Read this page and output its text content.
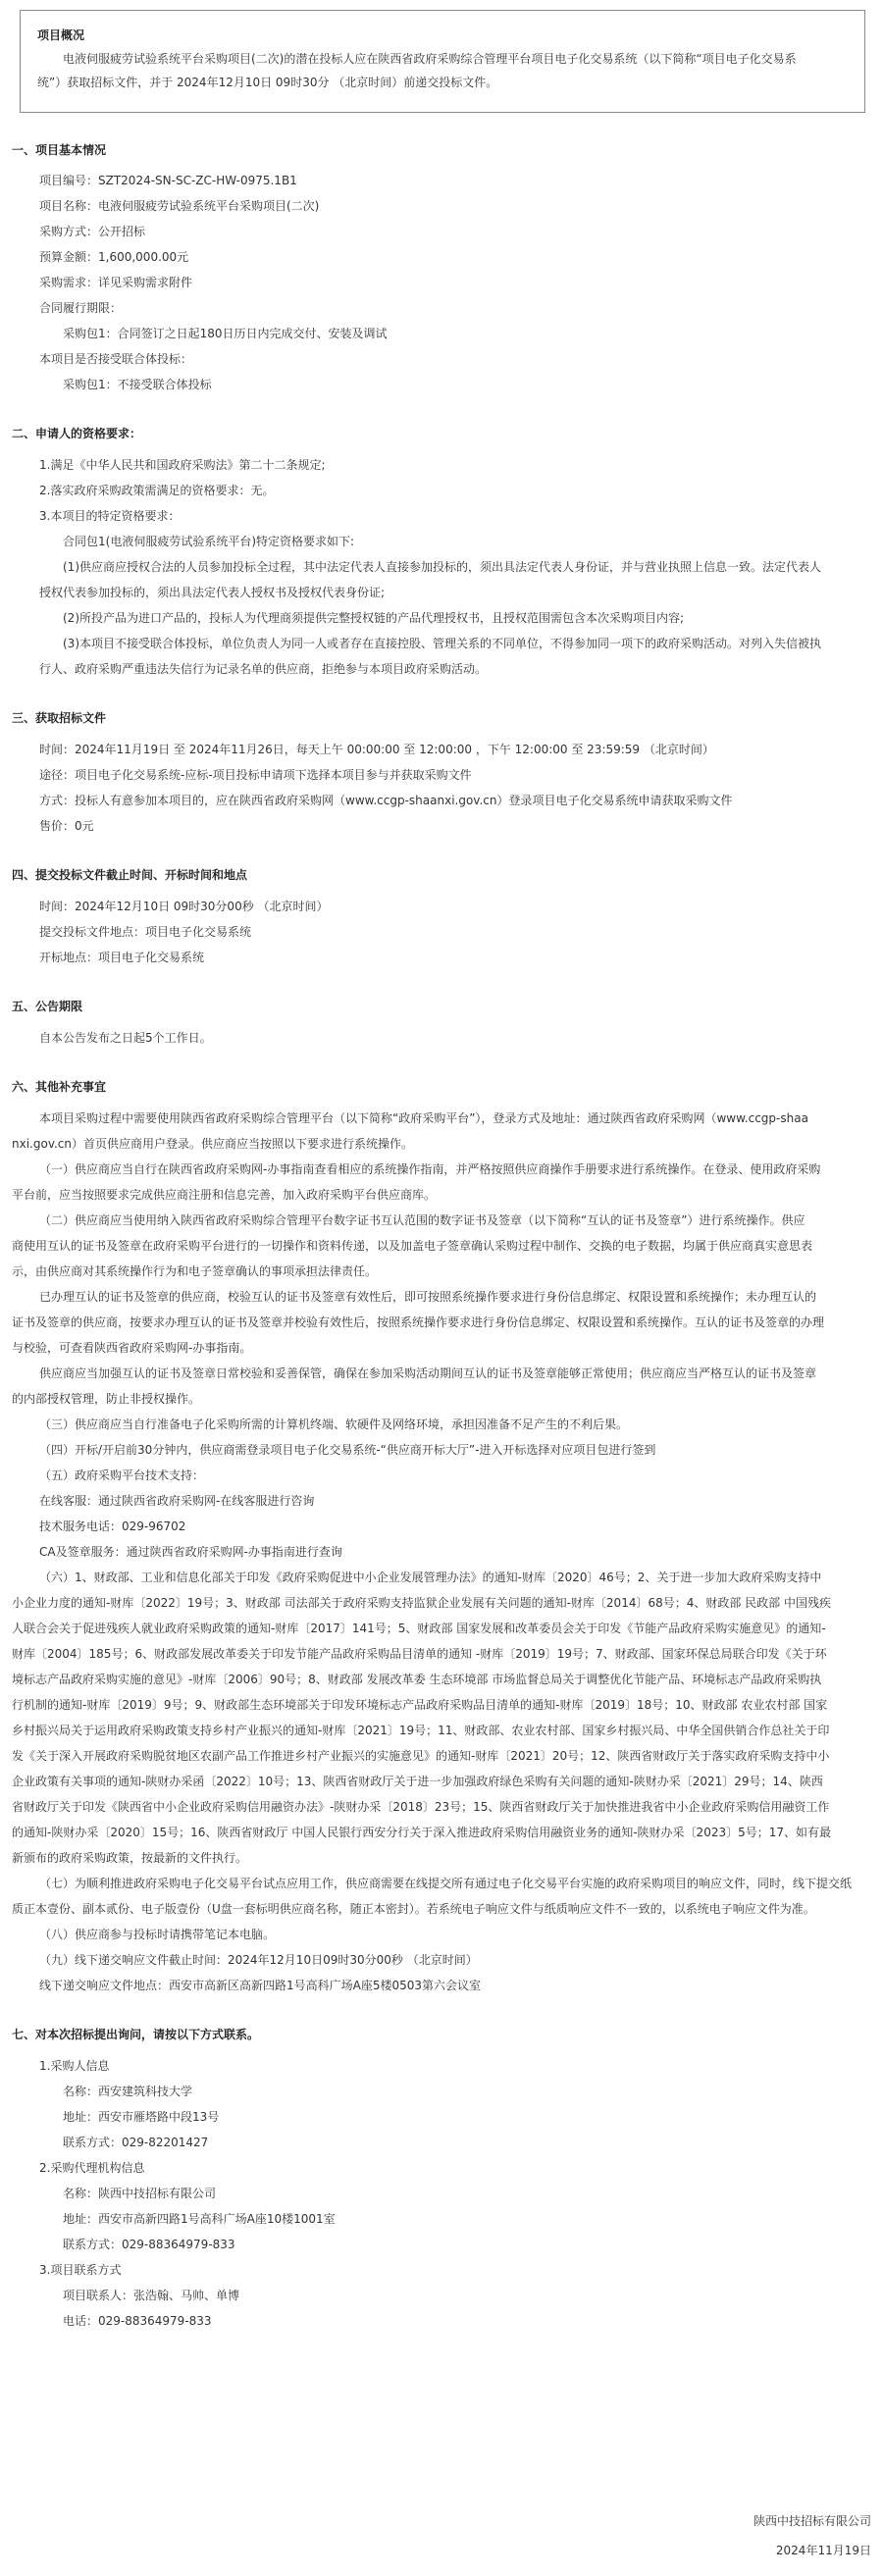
项目概况
电液伺服疲劳试验系统平台采购项目(二次)的潜在投标人应在陕西省政府采购综合管理平台项目电子化交易系统（以下简称“项目电子化交易系
统”）获取招标文件，并于 2024年12月10日 09时30分 （北京时间）前递交投标文件。
一、项目基本情况
项目编号：SZT2024-SN-SC-ZC-HW-0975.1B1
项目名称：电液伺服疲劳试验系统平台采购项目(二次)
采购方式：公开招标
预算金额：1,600,000.00元
采购需求：详见采购需求附件
合同履行期限：
采购包1：合同签订之日起180日历日内完成交付、安装及调试
本项目是否接受联合体投标：
采购包1：不接受联合体投标
二、申请人的资格要求：
1.满足《中华人民共和国政府采购法》第二十二条规定;
2.落实政府采购政策需满足的资格要求：无。
3.本项目的特定资格要求：
合同包1(电液伺服疲劳试验系统平台)特定资格要求如下:
(1)供应商应授权合法的人员参加投标全过程，其中法定代表人直接参加投标的，须出具法定代表人身份证，并与营业执照上信息一致。法定代表人
授权代表参加投标的，须出具法定代表人授权书及授权代表身份证;
(2)所投产品为进口产品的，投标人为代理商须提供完整授权链的产品代理授权书，且授权范围需包含本次采购项目内容;
(3)本项目不接受联合体投标，单位负责人为同一人或者存在直接控股、管理关系的不同单位，不得参加同一项下的政府采购活动。对列入失信被执
行人、政府采购严重违法失信行为记录名单的供应商，拒绝参与本项目政府采购活动。
三、获取招标文件
时间：2024年11月19日 至 2024年11月26日，每天上午 00:00:00 至 12:00:00 ，下午 12:00:00 至 23:59:59 （北京时间）
途径：项目电子化交易系统-应标-项目投标申请项下选择本项目参与并获取采购文件
方式：投标人有意参加本项目的，应在陕西省政府采购网（www.ccgp-shaanxi.gov.cn）登录项目电子化交易系统申请获取采购文件
售价：0元
四、提交投标文件截止时间、开标时间和地点
时间：2024年12月10日 09时30分00秒 （北京时间）
提交投标文件地点：项目电子化交易系统
开标地点：项目电子化交易系统
五、公告期限
自本公告发布之日起5个工作日。
六、其他补充事宜
本项目采购过程中需要使用陕西省政府采购综合管理平台（以下简称“政府采购平台”），登录方式及地址：通过陕西省政府采购网（www.ccgp-shaa
nxi.gov.cn）首页供应商用户登录。供应商应当按照以下要求进行系统操作。
（一）供应商应当自行在陕西省政府采购网-办事指南查看相应的系统操作指南，并严格按照供应商操作手册要求进行系统操作。在登录、使用政府采购
平台前，应当按照要求完成供应商注册和信息完善，加入政府采购平台供应商库。
（二）供应商应当使用纳入陕西省政府采购综合管理平台数字证书互认范围的数字证书及签章（以下简称“互认的证书及签章”）进行系统操作。供应
商使用互认的证书及签章在政府采购平台进行的一切操作和资料传递，以及加盖电子签章确认采购过程中制作、交换的电子数据，均属于供应商真实意思表
示，由供应商对其系统操作行为和电子签章确认的事项承担法律责任。
已办理互认的证书及签章的供应商，校验互认的证书及签章有效性后，即可按照系统操作要求进行身份信息绑定、权限设置和系统操作；未办理互认的
证书及签章的供应商，按要求办理互认的证书及签章并校验有效性后，按照系统操作要求进行身份信息绑定、权限设置和系统操作。互认的证书及签章的办理
与校验，可查看陕西省政府采购网-办事指南。
供应商应当加强互认的证书及签章日常校验和妥善保管，确保在参加采购活动期间互认的证书及签章能够正常使用；供应商应当严格互认的证书及签章
的内部授权管理，防止非授权操作。
（三）供应商应当自行准备电子化采购所需的计算机终端、软硬件及网络环境，承担因准备不足产生的不利后果。
（四）开标/开启前30分钟内，供应商需登录项目电子化交易系统-“供应商开标大厅”-进入开标选择对应项目包进行签到
（五）政府采购平台技术支持：
在线客服：通过陕西省政府采购网-在线客服进行咨询
技术服务电话：029-96702
CA及签章服务：通过陕西省政府采购网-办事指南进行查询
（六）1、财政部、工业和信息化部关于印发《政府采购促进中小企业发展管理办法》的通知-财库〔2020〕46号；2、关于进一步加大政府采购支持中
小企业力度的通知-财库〔2022〕19号；3、财政部 司法部关于政府采购支持监狱企业发展有关问题的通知-财库〔2014〕68号；4、财政部 民政部 中国残疾
人联合会关于促进残疾人就业政府采购政策的通知-财库〔2017〕141号；5、财政部 国家发展和改革委员会关于印发《节能产品政府采购实施意见》的通知-
财库〔2004〕185号；6、财政部发展改革委关于印发节能产品政府采购品目清单的通知 -财库〔2019〕19号；7、财政部、国家环保总局联合印发《关于环
境标志产品政府采购实施的意见》-财库〔2006〕90号；8、财政部 发展改革委 生态环境部 市场监督总局关于调整优化节能产品、环境标志产品政府采购执
行机制的通知-财库〔2019〕9号；9、财政部生态环境部关于印发环境标志产品政府采购品目清单的通知-财库〔2019〕18号；10、财政部 农业农村部 国家
乡村振兴局关于运用政府采购政策支持乡村产业振兴的通知-财库〔2021〕19号；11、财政部、农业农村部、国家乡村振兴局、中华全国供销合作总社关于印
发《关于深入开展政府采购脱贫地区农副产品工作推进乡村产业振兴的实施意见》的通知-财库〔2021〕20号；12、陕西省财政厅关于落实政府采购支持中小
企业政策有关事项的通知-陕财办采函〔2022〕10号；13、陕西省财政厅关于进一步加强政府绿色采购有关问题的通知-陕财办采〔2021〕29号；14、陕西
省财政厅关于印发《陕西省中小企业政府采购信用融资办法》-陕财办采〔2018〕23号；15、陕西省财政厅关于加快推进我省中小企业政府采购信用融资工作
的通知-陕财办采〔2020〕15号；16、陕西省财政厅 中国人民银行西安分行关于深入推进政府采购信用融资业务的通知-陕财办采〔2023〕5号；17、如有最
新颁布的政府采购政策，按最新的文件执行。
（七）为顺利推进政府采购电子化交易平台试点应用工作，供应商需要在线提交所有通过电子化交易平台实施的政府采购项目的响应文件，同时，线下提交纸
质正本壹份、副本贰份、电子版壹份（U盘一套标明供应商名称，随正本密封）。若系统电子响应文件与纸质响应文件不一致的，以系统电子响应文件为准。
（八）供应商参与投标时请携带笔记本电脑。
（九）线下递交响应文件截止时间：2024年12月10日09时30分00秒 （北京时间）
线下递交响应文件地点：西安市高新区高新四路1号高科广场A座5楼0503第六会议室
七、对本次招标提出询问，请按以下方式联系。
1.采购人信息
名称：西安建筑科技大学
地址：西安市雁塔路中段13号
联系方式：029-82201427
2.采购代理机构信息
名称：陕西中技招标有限公司
地址：西安市高新四路1号高科广场A座10楼1001室
联系方式：029-88364979-833
3.项目联系方式
项目联系人：张浩翰、马帅、单博
电话：029-88364979-833
陕西中技招标有限公司
2024年11月19日
